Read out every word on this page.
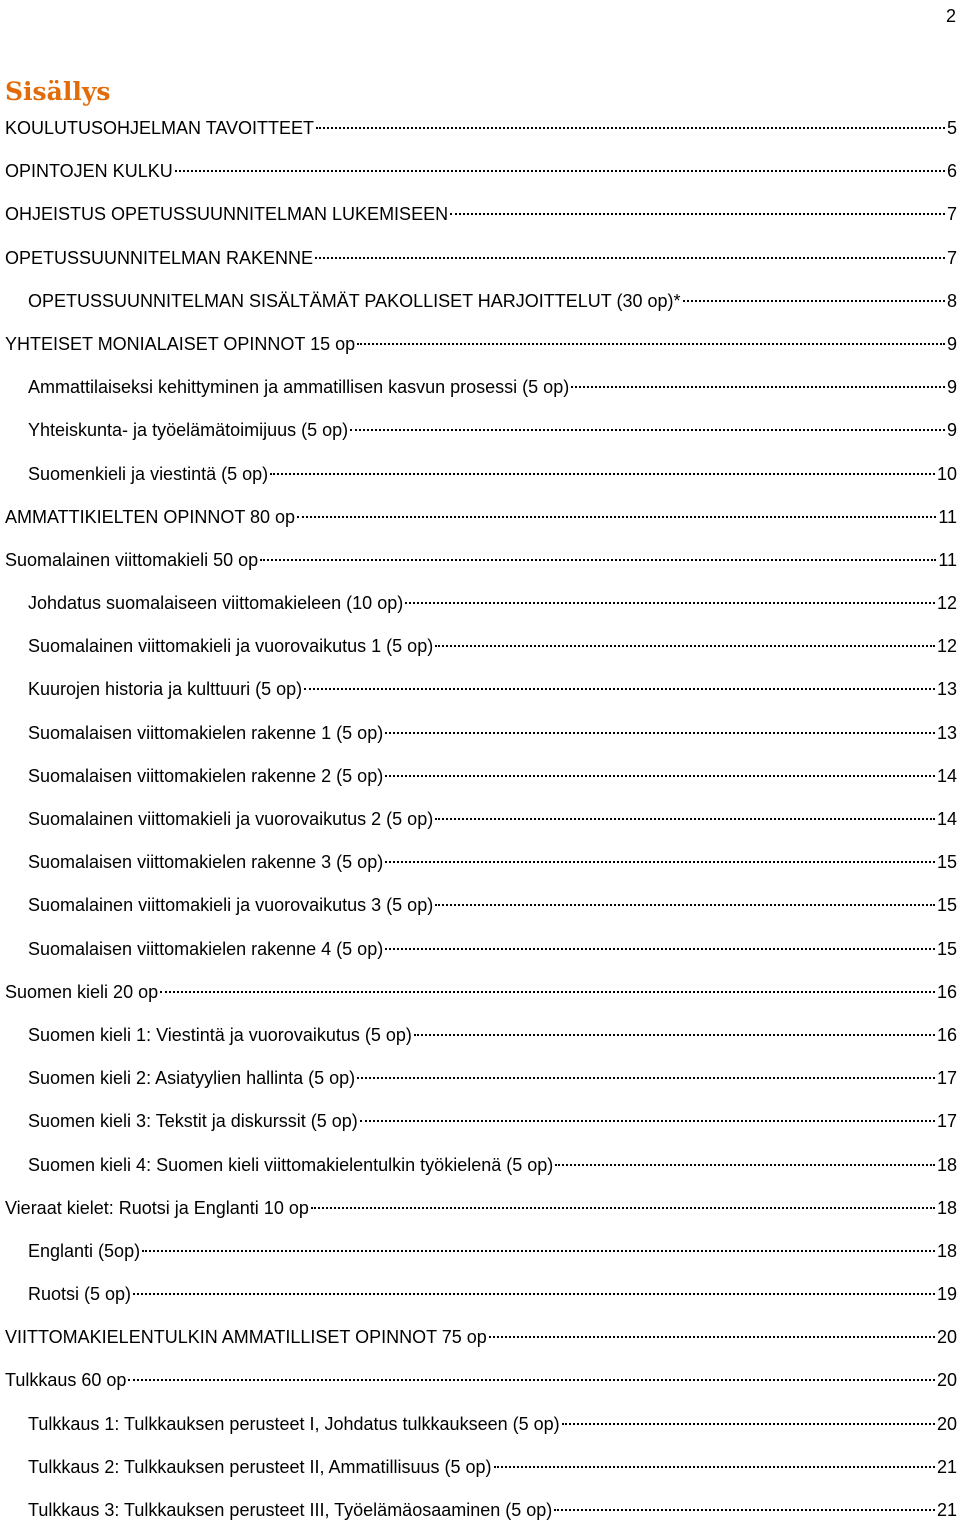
2
Sisällys
KOULUTUSOHJELMAN TAVOITTEET	5
OPINTOJEN KULKU	6
OHJEISTUS OPETUSSUUNNITELMAN LUKEMISEEN	7
OPETUSSUUNNITELMAN RAKENNE	7
OPETUSSUUNNITELMAN SISÄLTÄMÄT PAKOLLISET HARJOITTELUT (30 op)*	8
YHTEISET MONIALAISET OPINNOT 15 op	9
Ammattilaiseksi kehittyminen ja ammatillisen kasvun prosessi (5 op)	9
Yhteiskunta- ja työelämätoimijuus (5 op)	9
Suomenkieli ja viestintä (5 op)	10
AMMATTIKIELTEN OPINNOT 80 op	11
Suomalainen viittomakieli 50 op	11
Johdatus suomalaiseen viittomakieleen (10 op)	12
Suomalainen viittomakieli ja vuorovaikutus 1 (5 op)	12
Kuurojen historia ja kulttuuri (5 op)	13
Suomalaisen viittomakielen rakenne 1 (5 op)	13
Suomalaisen viittomakielen rakenne 2 (5 op)	14
Suomalainen viittomakieli ja vuorovaikutus 2 (5 op)	14
Suomalaisen viittomakielen rakenne 3 (5 op)	15
Suomalainen viittomakieli ja vuorovaikutus 3 (5 op)	15
Suomalaisen viittomakielen rakenne 4 (5 op)	15
Suomen kieli 20 op	16
Suomen kieli 1: Viestintä ja vuorovaikutus (5 op)	16
Suomen kieli 2: Asiatyylien hallinta (5 op)	17
Suomen kieli 3: Tekstit ja diskurssit (5 op)	17
Suomen kieli 4: Suomen kieli viittomakielentulkin työkielenä (5 op)	18
Vieraat kielet: Ruotsi ja Englanti 10 op	18
Englanti (5op)	18
Ruotsi (5 op)	19
VIITTOMAKIELENTULKIN AMMATILLISET OPINNOT 75 op	20
Tulkkaus 60 op	20
Tulkkaus 1: Tulkkauksen perusteet I, Johdatus tulkkaukseen (5 op)	20
Tulkkaus 2: Tulkkauksen perusteet II, Ammatillisuus (5 op)	21
Tulkkaus 3: Tulkkauksen perusteet III, Työelämäosaaminen (5 op)	21
